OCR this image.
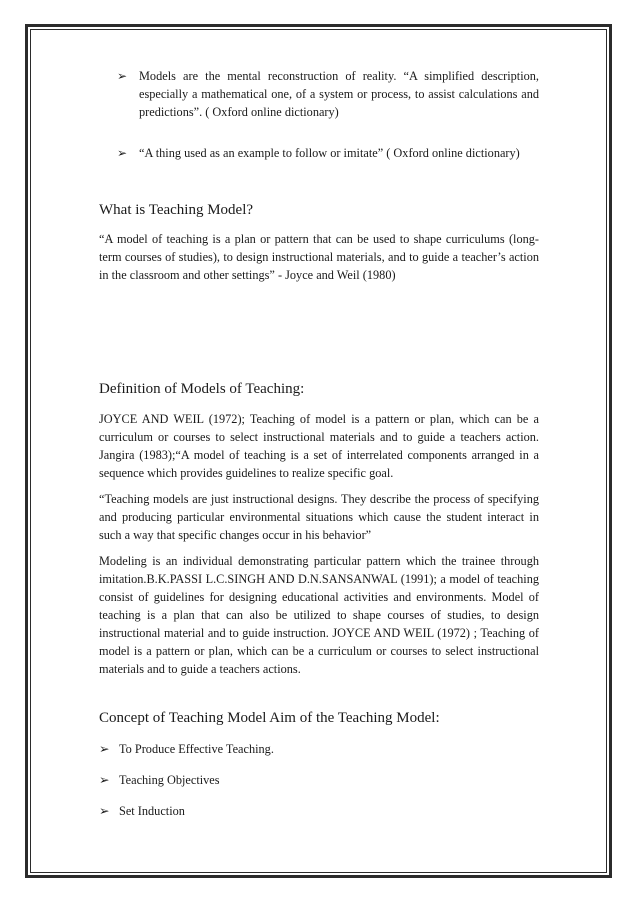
➢ Models are the mental reconstruction of reality. “A simplified description, especially a mathematical one, of a system or process, to assist calculations and predictions”. ( Oxford online dictionary)
➢ “A thing used as an example to follow or imitate” ( Oxford online dictionary)
What is Teaching Model?
“A model of teaching is a plan or pattern that can be used to shape curriculums (long-term courses of studies), to design instructional materials, and to guide a teacher’s action in the classroom and other settings” - Joyce and Weil (1980)
Definition of Models of Teaching:
JOYCE AND WEIL (1972); Teaching of model is a pattern or plan, which can be a curriculum or courses to select instructional materials and to guide a teachers action. Jangira (1983);“A model of teaching is a set of interrelated components arranged in a sequence which provides guidelines to realize specific goal.
“Teaching models are just instructional designs. They describe the process of specifying and producing particular environmental situations which cause the student interact in such a way that specific changes occur in his behavior”
Modeling is an individual demonstrating particular pattern which the trainee through imitation.B.K.PASSI L.C.SINGH AND D.N.SANSANWAL (1991); a model of teaching consist of guidelines for designing educational activities and environments. Model of teaching is a plan that can also be utilized to shape courses of studies, to design instructional material and to guide instruction. JOYCE AND WEIL (1972) ; Teaching of model is a pattern or plan, which can be a curriculum or courses to select instructional materials and to guide a teachers actions.
Concept of Teaching Model Aim of the Teaching Model:
➢ To Produce Effective Teaching.
➢ Teaching Objectives
➢ Set Induction
